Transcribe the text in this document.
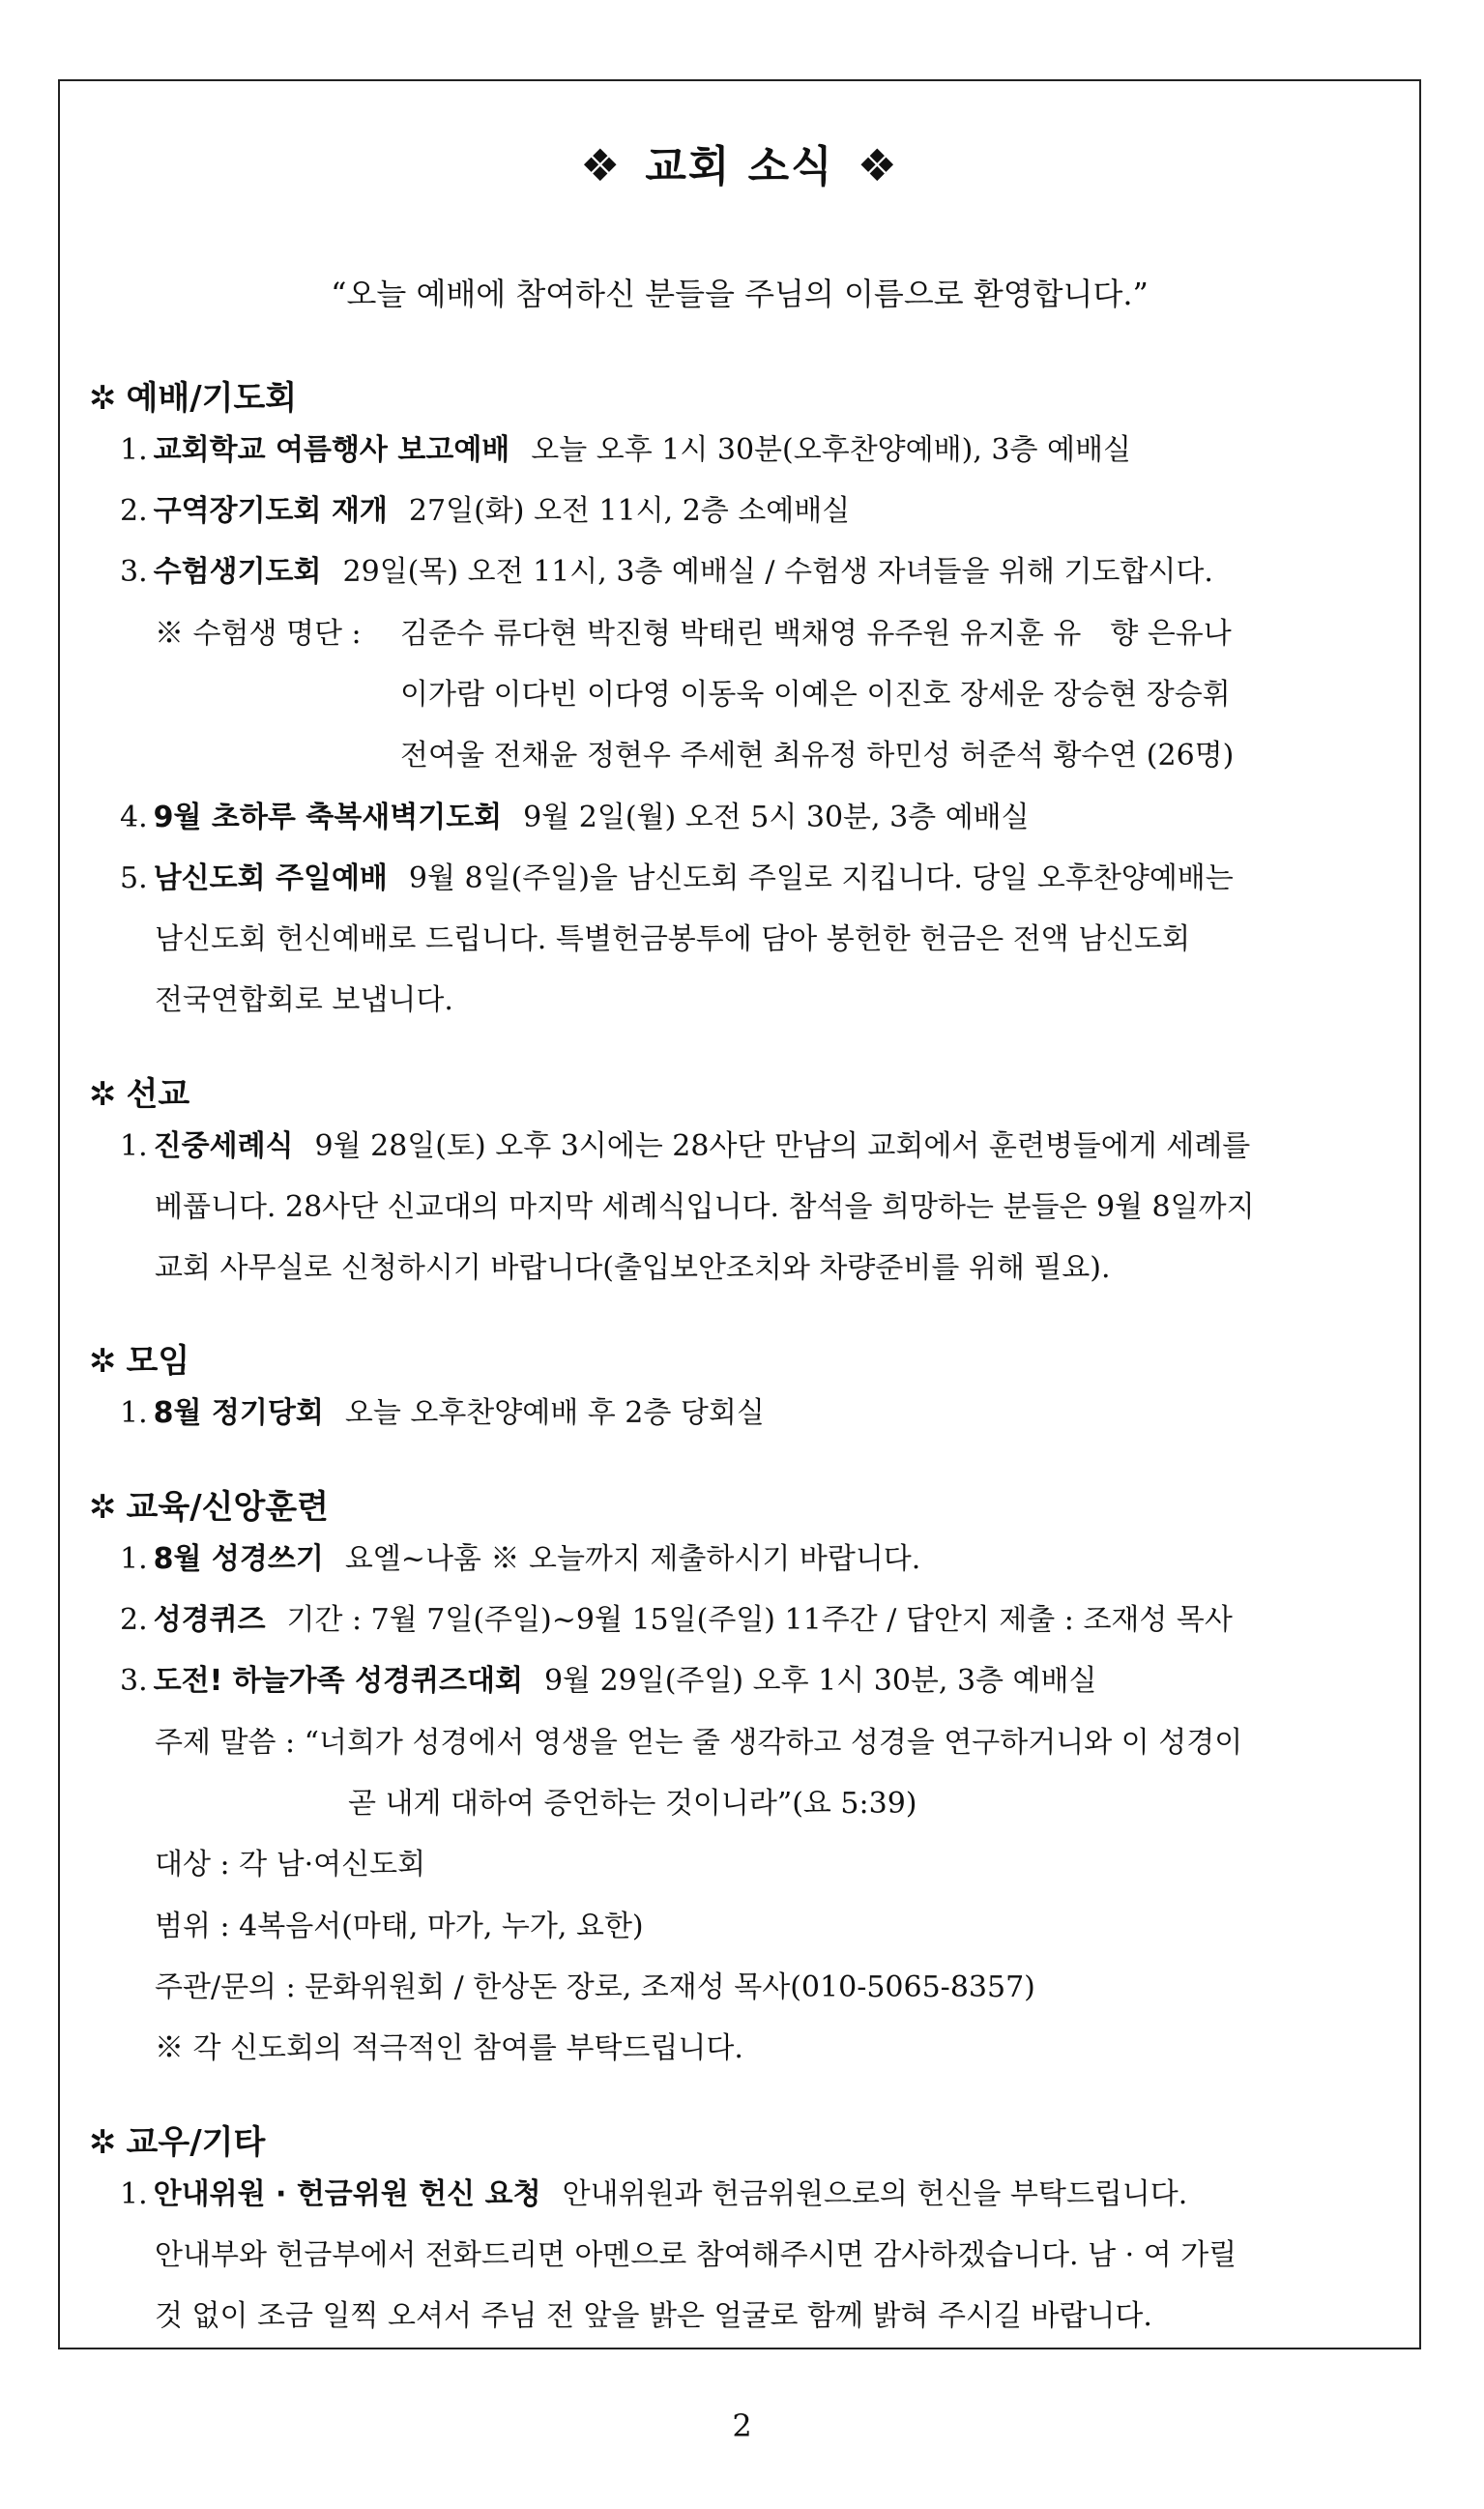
❖ 교회 소식 ❖
“오늘 예배에 참여하신 분들을 주님의 이름으로 환영합니다.”
✲ 예배/기도회
1. 교회학교 여름행사 보고예배 오늘 오후 1시 30분(오후찬양예배), 3층 예배실
2. 구역장기도회 재개 27일(화) 오전 11시, 2층 소예배실
3. 수험생기도회 29일(목) 오전 11시, 3층 예배실 / 수험생 자녀들을 위해 기도합시다.
※ 수험생 명단 : 김준수 류다현 박진형 박태린 백채영 유주원 유지훈 유　향 은유나
이가람 이다빈 이다영 이동욱 이예은 이진호 장세운 장승현 장승휘
전여울 전채윤 정현우 주세현 최유정 하민성 허준석 황수연 (26명)
4. 9월 초하루 축복새벽기도회 9월 2일(월) 오전 5시 30분, 3층 예배실
5. 남신도회 주일예배 9월 8일(주일)을 남신도회 주일로 지킵니다. 당일 오후찬양예배는
남신도회 헌신예배로 드립니다. 특별헌금봉투에 담아 봉헌한 헌금은 전액 남신도회
전국연합회로 보냅니다.
✲ 선교
1. 진중세례식 9월 28일(토) 오후 3시에는 28사단 만남의 교회에서 훈련병들에게 세례를
베풉니다. 28사단 신교대의 마지막 세례식입니다. 참석을 희망하는 분들은 9월 8일까지
교회 사무실로 신청하시기 바랍니다(출입보안조치와 차량준비를 위해 필요).
✲ 모임
1. 8월 정기당회 오늘 오후찬양예배 후 2층 당회실
✲ 교육/신앙훈련
1. 8월 성경쓰기 요엘~나훔 ※ 오늘까지 제출하시기 바랍니다.
2. 성경퀴즈 기간 : 7월 7일(주일)~9월 15일(주일) 11주간 / 답안지 제출 : 조재성 목사
3. 도전! 하늘가족 성경퀴즈대회 9월 29일(주일) 오후 1시 30분, 3층 예배실
주제 말씀 : “너희가 성경에서 영생을 얻는 줄 생각하고 성경을 연구하거니와 이 성경이
곧 내게 대하여 증언하는 것이니라”(요 5:39)
대상 : 각 남·여신도회
범위 : 4복음서(마태, 마가, 누가, 요한)
주관/문의 : 문화위원회 / 한상돈 장로, 조재성 목사(010-5065-8357)
※ 각 신도회의 적극적인 참여를 부탁드립니다.
✲ 교우/기타
1. 안내위원 · 헌금위원 헌신 요청 안내위원과 헌금위원으로의 헌신을 부탁드립니다.
안내부와 헌금부에서 전화드리면 아멘으로 참여해주시면 감사하겠습니다. 남 · 여 가릴
것 없이 조금 일찍 오셔서 주님 전 앞을 밝은 얼굴로 함께 밝혀 주시길 바랍니다.
2
